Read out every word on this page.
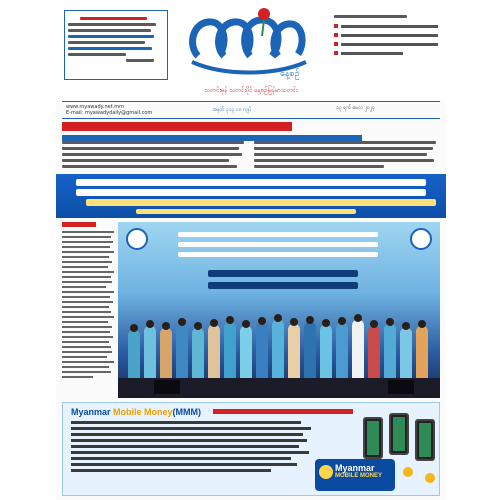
နေ့စဉ်
သတင်းမှန် သတင်းပိုင် နေ့စဉ်မြန်မာသတင်း
www.myawady.net.mm
E-mail: myawadydaily@gmail.com	အမှတ် ၃၁၃ ၁၀ ကျပ်	၁၃ ရက် မေလ ၂၀၂၄
Myanmar Mobile Money(MMM)
Myanmar
MOBILE MONEY
